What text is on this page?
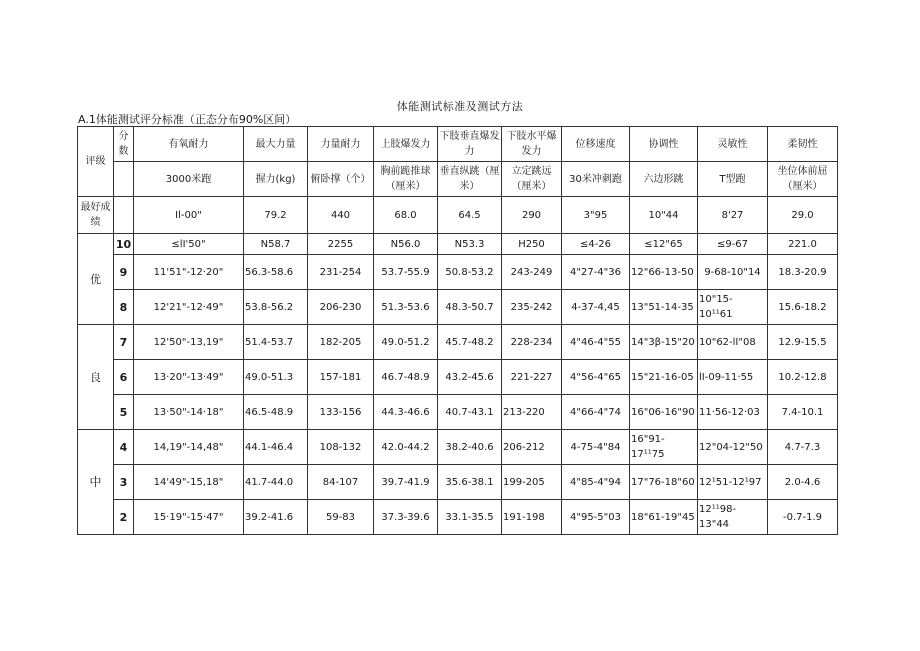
体能测试标准及测试方法
A.1体能测试评分标准（正态分布90%区间）
评级	分数	有氧耐力	最大力量	力量耐力	上肢爆发力	下肢垂直爆发力	下肢水平爆发力	位移速度	协调性	灵敏性	柔韧性
		3000米跑	握力(kg)	俯卧撑（个）	胸前跪推球（厘米）	垂直纵跳（厘米）	立定跳远（厘米）	30米冲刺跑	六边形跳	T型跑	坐位体前屈（厘米）
最好成绩		Il-00"	79.2	440	68.0	64.5	290	3"95	10"44	8'27	29.0
优	10	≤lI'50"	N58.7	2255	N56.0	N53.3	H250	≤4-26	≤12"65	≤9-67	221.0
	9	11'51"-12·20"	56.3-58.6	231-254	53.7-55.9	50.8-53.2	243-249	4"27-4"36	12"66-13-50	9-68-10"14	18.3-20.9
	8	12'21"-12·49"	53.8-56.2	206-230	51.3-53.6	48.3-50.7	235-242	4-37-4,45	13"51-14-35	10"15-10¹¹61	15.6-18.2
良	7	12'50"-13,19"	51.4-53.7	182-205	49.0-51.2	45.7-48.2	228-234	4"46-4"55	14"3β-15"20	10"62-lI"08	12.9-15.5
	6	13·20"-13·49"	49.0-51.3	157-181	46.7-48.9	43.2-45.6	221-227	4"56-4"65	15"21-16-05	lI-09-11·55	10.2-12.8
	5	13·50"-14·18"	46.5-48.9	133-156	44.3-46.6	40.7-43.1	213-220	4"66-4"74	16"06-16"90	11·56-12·03	7.4-10.1
中	4	14,19"-14,48"	44.1-46.4	108-132	42.0-44.2	38.2-40.6	206-212	4-75-4"84	16"91-17¹¹75	12"04-12"50	4.7-7.3
	3	14'49"-15,18"	41.7-44.0	84-107	39.7-41.9	35.6-38.1	199-205	4"85-4"94	17"76-18"60	12¹51-12¹97	2.0-4.6
	2	15·19"-15·47"	39.2-41.6	59-83	37.3-39.6	33.1-35.5	191-198	4"95-5"03	18"61-19"45	12¹¹98-13"44	-0.7-1.9
